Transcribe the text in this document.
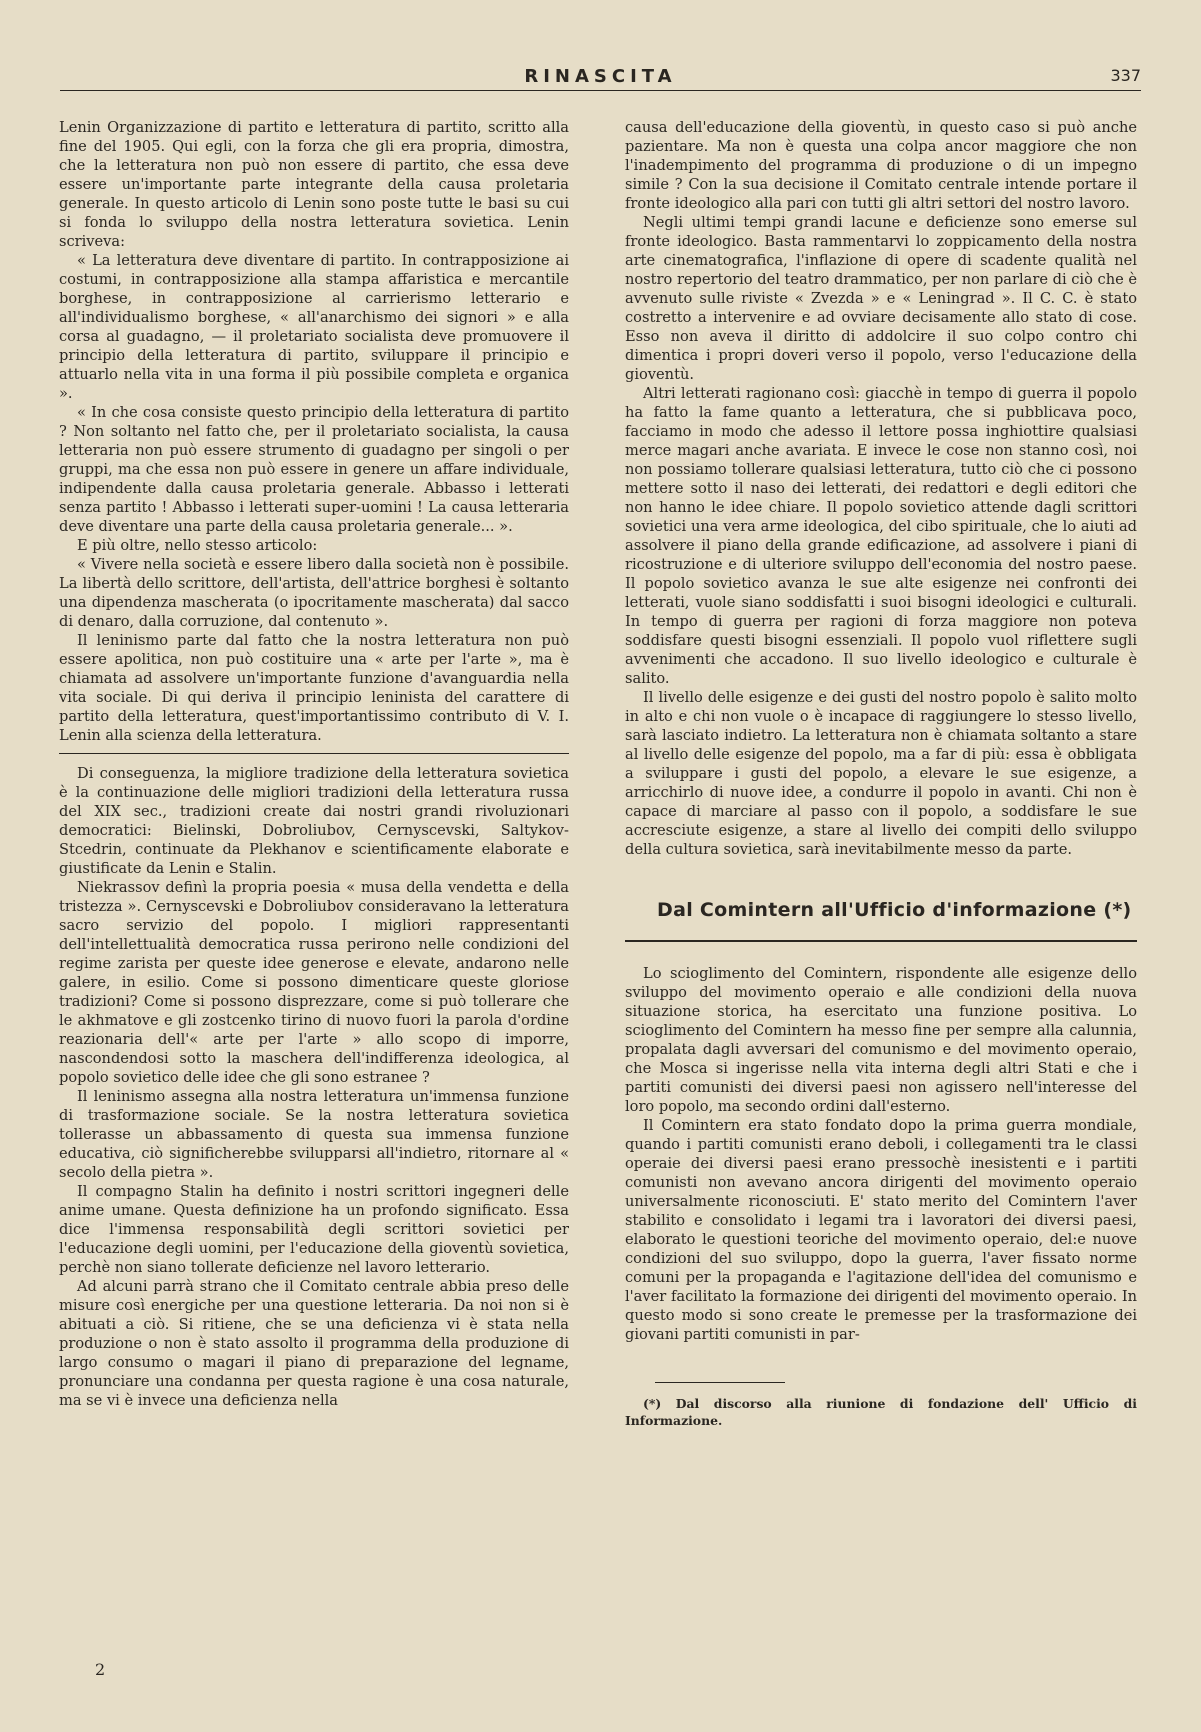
RINASCITA	337

Lenin Organizzazione di partito e letteratura di partito, scritto alla fine del 1905. Qui egli, con la forza che gli era propria, dimostra, che la letteratura non può non essere di partito, che essa deve essere un'importante parte integrante della causa proletaria generale. In questo articolo di Lenin sono poste tutte le basi su cui si fonda lo sviluppo della nostra letteratura sovietica. Lenin scriveva:

« La letteratura deve diventare di partito. In contrapposizione ai costumi, in contrapposizione alla stampa affaristica e mercantile borghese, in contrapposizione al carrierismo letterario e all'individualismo borghese, « all'anarchismo dei signori » e alla corsa al guadagno, — il proletariato socialista deve promuovere il principio della letteratura di partito, sviluppare il principio e attuarlo nella vita in una forma il più possibile completa e organica ».

« In che cosa consiste questo principio della letteratura di partito ? Non soltanto nel fatto che, per il proletariato socialista, la causa letteraria non può essere strumento di guadagno per singoli o per gruppi, ma che essa non può essere in genere un affare individuale, indipendente dalla causa proletaria generale. Abbasso i letterati senza partito ! Abbasso i letterati super-uomini ! La causa letteraria deve diventare una parte della causa proletaria generale... ».

E più oltre, nello stesso articolo:

« Vivere nella società e essere libero dalla società non è possibile. La libertà dello scrittore, dell'artista, dell'attrice borghesi è soltanto una dipendenza mascherata (o ipocritamente mascherata) dal sacco di denaro, dalla corruzione, dal contenuto ».

Il leninismo parte dal fatto che la nostra letteratura non può essere apolitica, non può costituire una « arte per l'arte », ma è chiamata ad assolvere un'importante funzione d'avanguardia nella vita sociale. Di qui deriva il principio leninista del carattere di partito della letteratura, quest'importantissimo contributo di V. I. Lenin alla scienza della letteratura.

Di conseguenza, la migliore tradizione della letteratura sovietica è la continuazione delle migliori tradizioni della letteratura russa del XIX sec., tradizioni create dai nostri grandi rivoluzionari democratici: Bielinski, Dobroliubov, Cernyscevski, Saltykov-Stcedrin, continuate da Plekhanov e scientificamente elaborate e giustificate da Lenin e Stalin.

Niekrassov definì la propria poesia « musa della vendetta e della tristezza ». Cernyscevski e Dobroliubov consideravano la letteratura sacro servizio del popolo. I migliori rappresentanti dell'intellettualità democratica russa perirono nelle condizioni del regime zarista per queste idee generose e elevate, andarono nelle galere, in esilio. Come si possono dimenticare queste gloriose tradizioni? Come si possono disprezzare, come si può tollerare che le akhmatove e gli zostcenko tirino di nuovo fuori la parola d'ordine reazionaria dell'« arte per l'arte » allo scopo di imporre, nascondendosi sotto la maschera dell'indifferenza ideologica, al popolo sovietico delle idee che gli sono estranee ?

Il leninismo assegna alla nostra letteratura un'immensa funzione di trasformazione sociale. Se la nostra letteratura sovietica tollerasse un abbassamento di questa sua immensa funzione educativa, ciò significherebbe svilupparsi all'indietro, ritornare al « secolo della pietra ».

Il compagno Stalin ha definito i nostri scrittori ingegneri delle anime umane. Questa definizione ha un profondo significato. Essa dice l'immensa responsabilità degli scrittori sovietici per l'educazione degli uomini, per l'educazione della gioventù sovietica, perchè non siano tollerate deficienze nel lavoro letterario.

Ad alcuni parrà strano che il Comitato centrale abbia preso delle misure così energiche per una questione letteraria. Da noi non si è abituati a ciò. Si ritiene, che se una deficienza vi è stata nella produzione o non è stato assolto il programma della produzione di largo consumo o magari il piano di preparazione del legname, pronunciare una condanna per questa ragione è una cosa naturale, ma se vi è invece una deficienza nella

causa dell'educazione della gioventù, in questo caso si può anche pazientare. Ma non è questa una colpa ancor maggiore che non l'inadempimento del programma di produzione o di un impegno simile ? Con la sua decisione il Comitato centrale intende portare il fronte ideologico alla pari con tutti gli altri settori del nostro lavoro.

Negli ultimi tempi grandi lacune e deficienze sono emerse sul fronte ideologico. Basta rammentarvi lo zoppicamento della nostra arte cinematografica, l'inflazione di opere di scadente qualità nel nostro repertorio del teatro drammatico, per non parlare di ciò che è avvenuto sulle riviste « Zvezda » e « Leningrad ». Il C. C. è stato costretto a intervenire e ad ovviare decisamente allo stato di cose. Esso non aveva il diritto di addolcire il suo colpo contro chi dimentica i propri doveri verso il popolo, verso l'educazione della gioventù.

Altri letterati ragionano così: giacchè in tempo di guerra il popolo ha fatto la fame quanto a letteratura, che si pubblicava poco, facciamo in modo che adesso il lettore possa inghiottire qualsiasi merce magari anche avariata. E invece le cose non stanno così, noi non possiamo tollerare qualsiasi letteratura, tutto ciò che ci possono mettere sotto il naso dei letterati, dei redattori e degli editori che non hanno le idee chiare. Il popolo sovietico attende dagli scrittori sovietici una vera arme ideologica, del cibo spirituale, che lo aiuti ad assolvere il piano della grande edificazione, ad assolvere i piani di ricostruzione e di ulteriore sviluppo dell'economia del nostro paese. Il popolo sovietico avanza le sue alte esigenze nei confronti dei letterati, vuole siano soddisfatti i suoi bisogni ideologici e culturali. In tempo di guerra per ragioni di forza maggiore non poteva soddisfare questi bisogni essenziali. Il popolo vuol riflettere sugli avvenimenti che accadono. Il suo livello ideologico e culturale è salito.

Il livello delle esigenze e dei gusti del nostro popolo è salito molto in alto e chi non vuole o è incapace di raggiungere lo stesso livello, sarà lasciato indietro. La letteratura non è chiamata soltanto a stare al livello delle esigenze del popolo, ma a far di più: essa è obbligata a sviluppare i gusti del popolo, a elevare le sue esigenze, a arricchirlo di nuove idee, a condurre il popolo in avanti. Chi non è capace di marciare al passo con il popolo, a soddisfare le sue accresciute esigenze, a stare al livello dei compiti dello sviluppo della cultura sovietica, sarà inevitabilmente messo da parte.

Dal Comintern all'Ufficio d'informazione (*)

Lo scioglimento del Comintern, rispondente alle esigenze dello sviluppo del movimento operaio e alle condizioni della nuova situazione storica, ha esercitato una funzione positiva. Lo scioglimento del Comintern ha messo fine per sempre alla calunnia, propalata dagli avversari del comunismo e del movimento operaio, che Mosca si ingerisse nella vita interna degli altri Stati e che i partiti comunisti dei diversi paesi non agissero nell'interesse del loro popolo, ma secondo ordini dall'esterno.

Il Comintern era stato fondato dopo la prima guerra mondiale, quando i partiti comunisti erano deboli, i collegamenti tra le classi operaie dei diversi paesi erano pressochè inesistenti e i partiti comunisti non avevano ancora dirigenti del movimento operaio universalmente riconosciuti. E' stato merito del Comintern l'aver stabilito e consolidato i legami tra i lavoratori dei diversi paesi, elaborato le questioni teoriche del movimento operaio, del:e nuove condizioni del suo sviluppo, dopo la guerra, l'aver fissato norme comuni per la propaganda e l'agitazione dell'idea del comunismo e l'aver facilitato la formazione dei dirigenti del movimento operaio. In questo modo si sono create le premesse per la trasformazione dei giovani partiti comunisti in par-

(*) Dal discorso alla riunione di fondazione dell' Ufficio di Informazione.

2
